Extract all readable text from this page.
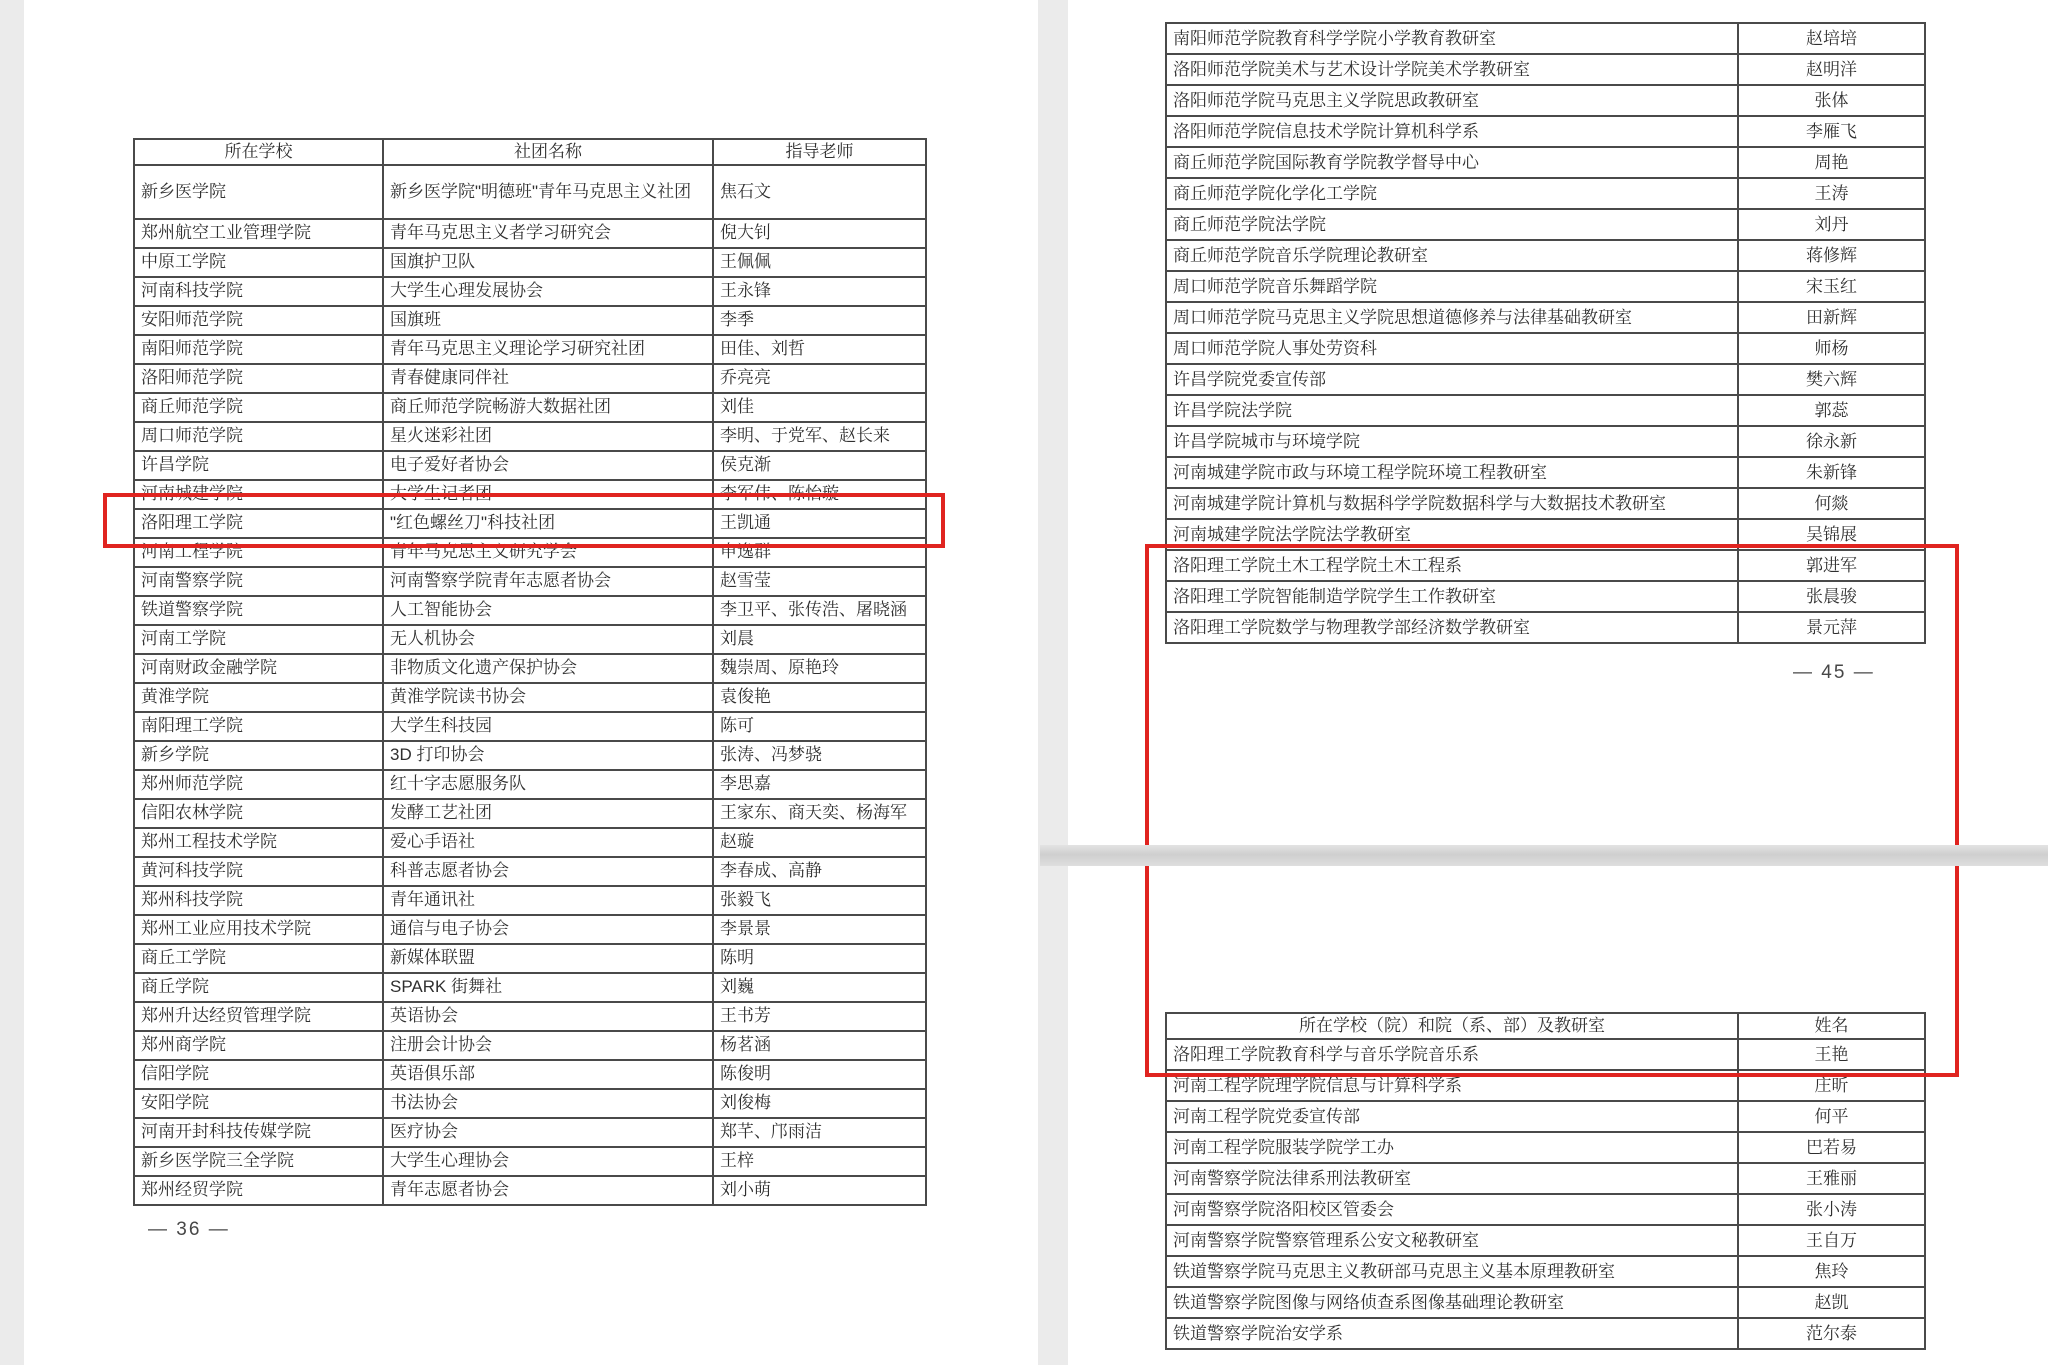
所在学校	社团名称	指导老师
新乡医学院	新乡医学院"明德班"青年马克思主义社团	焦石文
郑州航空工业管理学院	青年马克思主义者学习研究会	倪大钊
中原工学院	国旗护卫队	王佩佩
河南科技学院	大学生心理发展协会	王永锋
安阳师范学院	国旗班	李季
南阳师范学院	青年马克思主义理论学习研究社团	田佳、刘哲
洛阳师范学院	青春健康同伴社	乔亮亮
商丘师范学院	商丘师范学院畅游大数据社团	刘佳
周口师范学院	星火迷彩社团	李明、于党军、赵长来
许昌学院	电子爱好者协会	侯克渐
河南城建学院	大学生记者团	李军伟、陈怡璇
洛阳理工学院	"红色螺丝刀"科技社团	王凯通
河南工程学院	青年马克思主义研究学会	申逸群
河南警察学院	河南警察学院青年志愿者协会	赵雪莹
铁道警察学院	人工智能协会	李卫平、张传浩、屠晓涵
河南工学院	无人机协会	刘晨
河南财政金融学院	非物质文化遗产保护协会	魏崇周、原艳玲
黄淮学院	黄淮学院读书协会	袁俊艳
南阳理工学院	大学生科技园	陈可
新乡学院	3D 打印协会	张涛、冯梦骁
郑州师范学院	红十字志愿服务队	李思嘉
信阳农林学院	发酵工艺社团	王家东、商天奕、杨海军
郑州工程技术学院	爱心手语社	赵璇
黄河科技学院	科普志愿者协会	李春成、高静
郑州科技学院	青年通讯社	张毅飞
郑州工业应用技术学院	通信与电子协会	李景景
商丘工学院	新媒体联盟	陈明
商丘学院	SPARK 街舞社	刘巍
郑州升达经贸管理学院	英语协会	王书芳
郑州商学院	注册会计协会	杨茗涵
信阳学院	英语俱乐部	陈俊明
安阳学院	书法协会	刘俊梅
河南开封科技传媒学院	医疗协会	郑芊、邝雨洁
新乡医学院三全学院	大学生心理协会	王梓
郑州经贸学院	青年志愿者协会	刘小萌
— 36 —
南阳师范学院教育科学学院小学教育教研室	赵培培
洛阳师范学院美术与艺术设计学院美术学教研室	赵明洋
洛阳师范学院马克思主义学院思政教研室	张体
洛阳师范学院信息技术学院计算机科学系	李雁飞
商丘师范学院国际教育学院教学督导中心	周艳
商丘师范学院化学化工学院	王涛
商丘师范学院法学院	刘丹
商丘师范学院音乐学院理论教研室	蒋修辉
周口师范学院音乐舞蹈学院	宋玉红
周口师范学院马克思主义学院思想道德修养与法律基础教研室	田新辉
周口师范学院人事处劳资科	师杨
许昌学院党委宣传部	樊六辉
许昌学院法学院	郭蕊
许昌学院城市与环境学院	徐永新
河南城建学院市政与环境工程学院环境工程教研室	朱新锋
河南城建学院计算机与数据科学学院数据科学与大数据技术教研室	何燚
河南城建学院法学院法学教研室	吴锦展
洛阳理工学院土木工程学院土木工程系	郭进军
洛阳理工学院智能制造学院学生工作教研室	张晨骏
洛阳理工学院数学与物理教学部经济数学教研室	景元萍
— 45 —
所在学校（院）和院（系、部）及教研室	姓名
洛阳理工学院教育科学与音乐学院音乐系	王艳
河南工程学院理学院信息与计算科学系	庄昕
河南工程学院党委宣传部	何平
河南工程学院服装学院学工办	巴若易
河南警察学院法律系刑法教研室	王雅丽
河南警察学院洛阳校区管委会	张小涛
河南警察学院警察管理系公安文秘教研室	王自万
铁道警察学院马克思主义教研部马克思主义基本原理教研室	焦玲
铁道警察学院图像与网络侦查系图像基础理论教研室	赵凯
铁道警察学院治安学系	范尔泰
